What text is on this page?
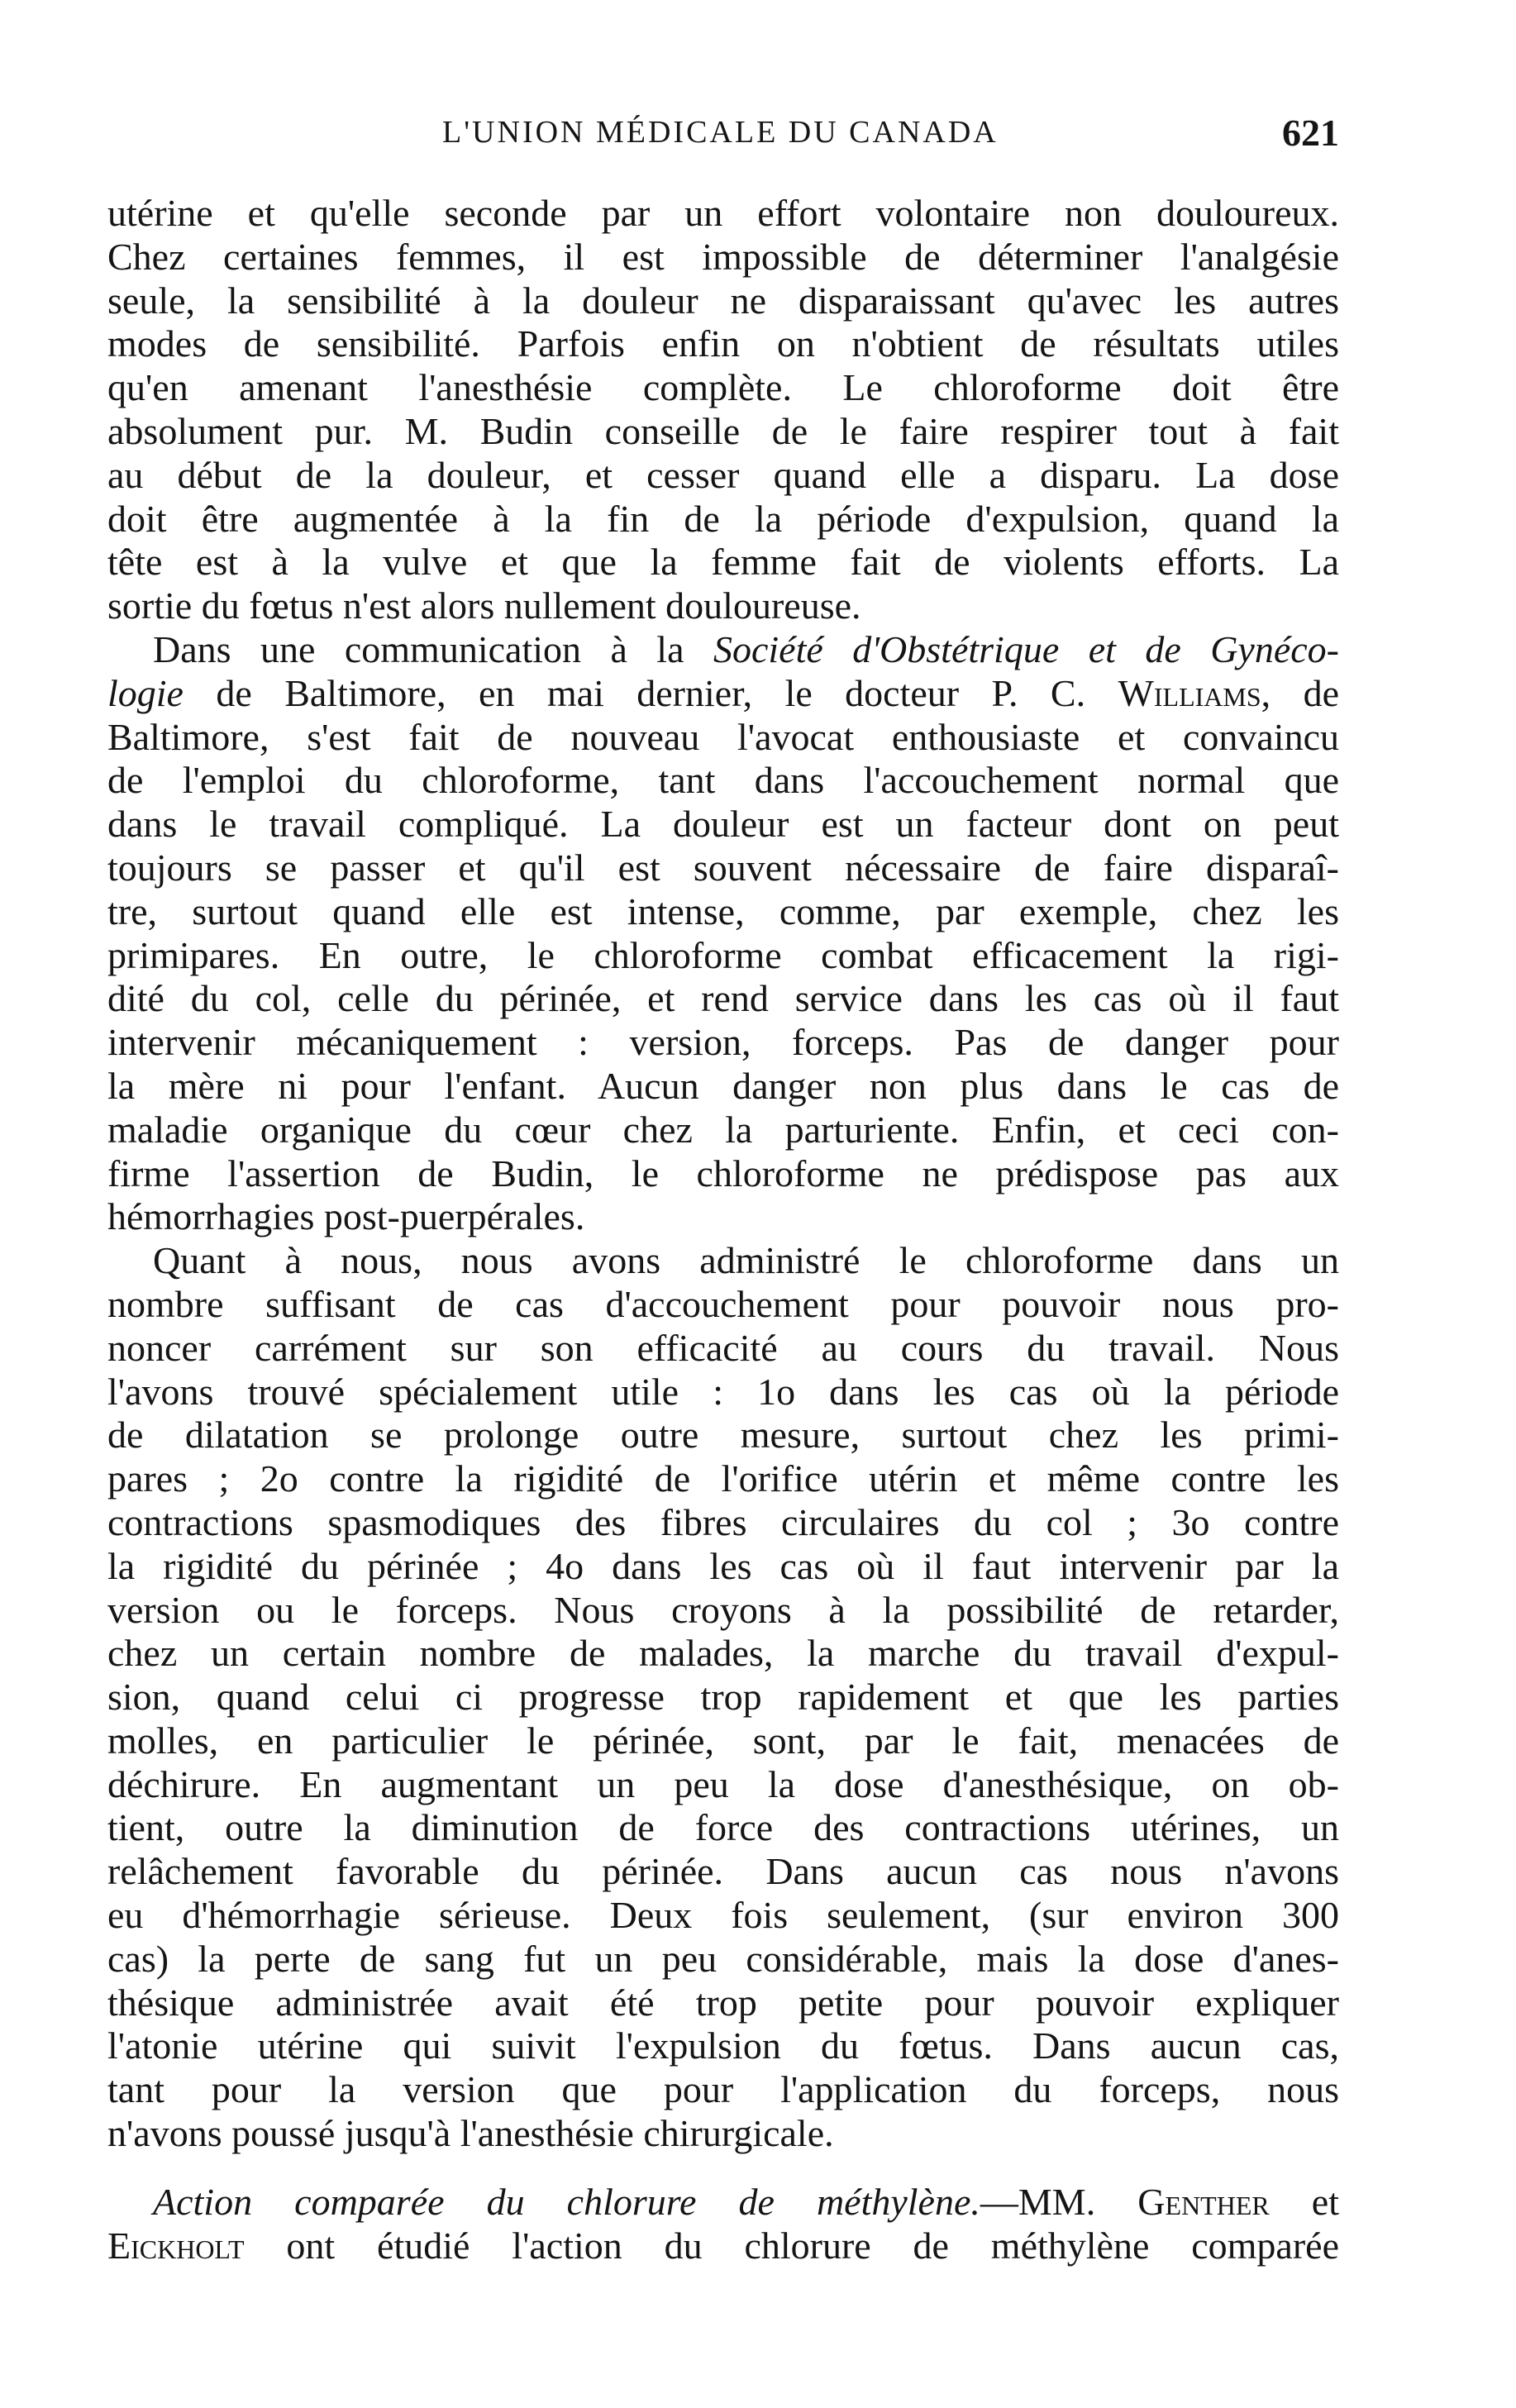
L'UNION MÉDICALE DU CANADA	621
utérine et qu'elle seconde par un effort volontaire non douloureux.
Chez certaines femmes, il est impossible de déterminer l'analgésie
seule, la sensibilité à la douleur ne disparaissant qu'avec les autres
modes de sensibilité. Parfois enfin on n'obtient de résultats utiles
qu'en amenant l'anesthésie complète. Le chloroforme doit être
absolument pur. M. Budin conseille de le faire respirer tout à fait
au début de la douleur, et cesser quand elle a disparu. La dose
doit être augmentée à la fin de la période d'expulsion, quand la
tête est à la vulve et que la femme fait de violents efforts. La
sortie du fœtus n'est alors nullement douloureuse.
Dans une communication à la Société d'Obstétrique et de Gynéco-
logie de Baltimore, en mai dernier, le docteur P. C. Williams, de
Baltimore, s'est fait de nouveau l'avocat enthousiaste et convaincu
de l'emploi du chloroforme, tant dans l'accouchement normal que
dans le travail compliqué. La douleur est un facteur dont on peut
toujours se passer et qu'il est souvent nécessaire de faire disparaî-
tre, surtout quand elle est intense, comme, par exemple, chez les
primipares. En outre, le chloroforme combat efficacement la rigi-
dité du col, celle du périnée, et rend service dans les cas où il faut
intervenir mécaniquement : version, forceps. Pas de danger pour
la mère ni pour l'enfant. Aucun danger non plus dans le cas de
maladie organique du cœur chez la parturiente. Enfin, et ceci con-
firme l'assertion de Budin, le chloroforme ne prédispose pas aux
hémorrhagies post-puerpérales.
Quant à nous, nous avons administré le chloroforme dans un
nombre suffisant de cas d'accouchement pour pouvoir nous pro-
noncer carrément sur son efficacité au cours du travail. Nous
l'avons trouvé spécialement utile : 1o dans les cas où la période
de dilatation se prolonge outre mesure, surtout chez les primi-
pares ; 2o contre la rigidité de l'orifice utérin et même contre les
contractions spasmodiques des fibres circulaires du col ; 3o contre
la rigidité du périnée ; 4o dans les cas où il faut intervenir par la
version ou le forceps. Nous croyons à la possibilité de retarder,
chez un certain nombre de malades, la marche du travail d'expul-
sion, quand celui ci progresse trop rapidement et que les parties
molles, en particulier le périnée, sont, par le fait, menacées de
déchirure. En augmentant un peu la dose d'anesthésique, on ob-
tient, outre la diminution de force des contractions utérines, un
relâchement favorable du périnée. Dans aucun cas nous n'avons
eu d'hémorrhagie sérieuse. Deux fois seulement, (sur environ 300
cas) la perte de sang fut un peu considérable, mais la dose d'anes-
thésique administrée avait été trop petite pour pouvoir expliquer
l'atonie utérine qui suivit l'expulsion du fœtus. Dans aucun cas,
tant pour la version que pour l'application du forceps, nous
n'avons poussé jusqu'à l'anesthésie chirurgicale.
Action comparée du chlorure de méthylène.—MM. Genther et
Eickholt ont étudié l'action du chlorure de méthylène comparée
